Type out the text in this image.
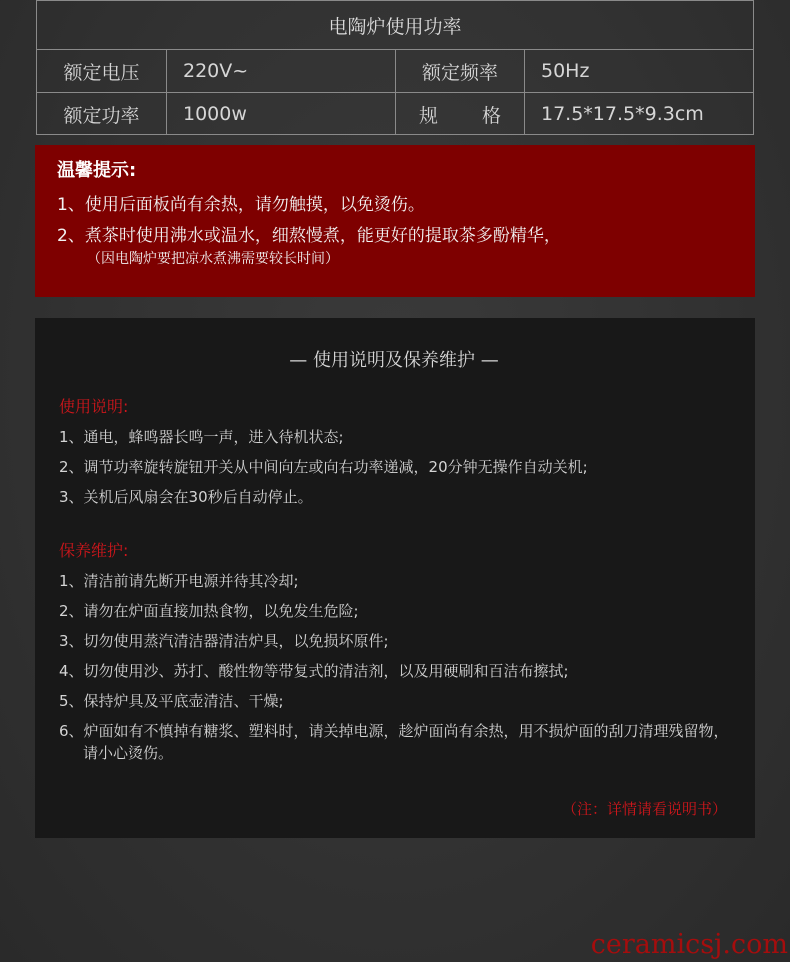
电陶炉使用功率
额定电压	220V~	额定频率	50Hz
额定功率	1000w	规 格	17.5*17.5*9.3cm
温馨提示:
1、使用后面板尚有余热，请勿触摸，以免烫伤。
2、煮茶时使用沸水或温水，细熬慢煮，能更好的提取茶多酚精华，
（因电陶炉要把凉水煮沸需要较长时间）
— 使用说明及保养维护 —
使用说明:
1、通电，蜂鸣器长鸣一声，进入待机状态;
2、调节功率旋转旋钮开关从中间向左或向右功率递减，20分钟无操作自动关机;
3、关机后风扇会在30秒后自动停止。
保养维护:
1、清洁前请先断开电源并待其冷却;
2、请勿在炉面直接加热食物，以免发生危险;
3、切勿使用蒸汽清洁器清洁炉具，以免损坏原件;
4、切勿使用沙、苏打、酸性物等带复式的清洁剂，以及用硬刷和百洁布擦拭;
5、保持炉具及平底壶清洁、干燥;
6、炉面如有不慎掉有糖浆、塑料时，请关掉电源，趁炉面尚有余热，用不损炉面的刮刀清理残留物，请小心烫伤。
（注：详情请看说明书）
ceramicsj.com
